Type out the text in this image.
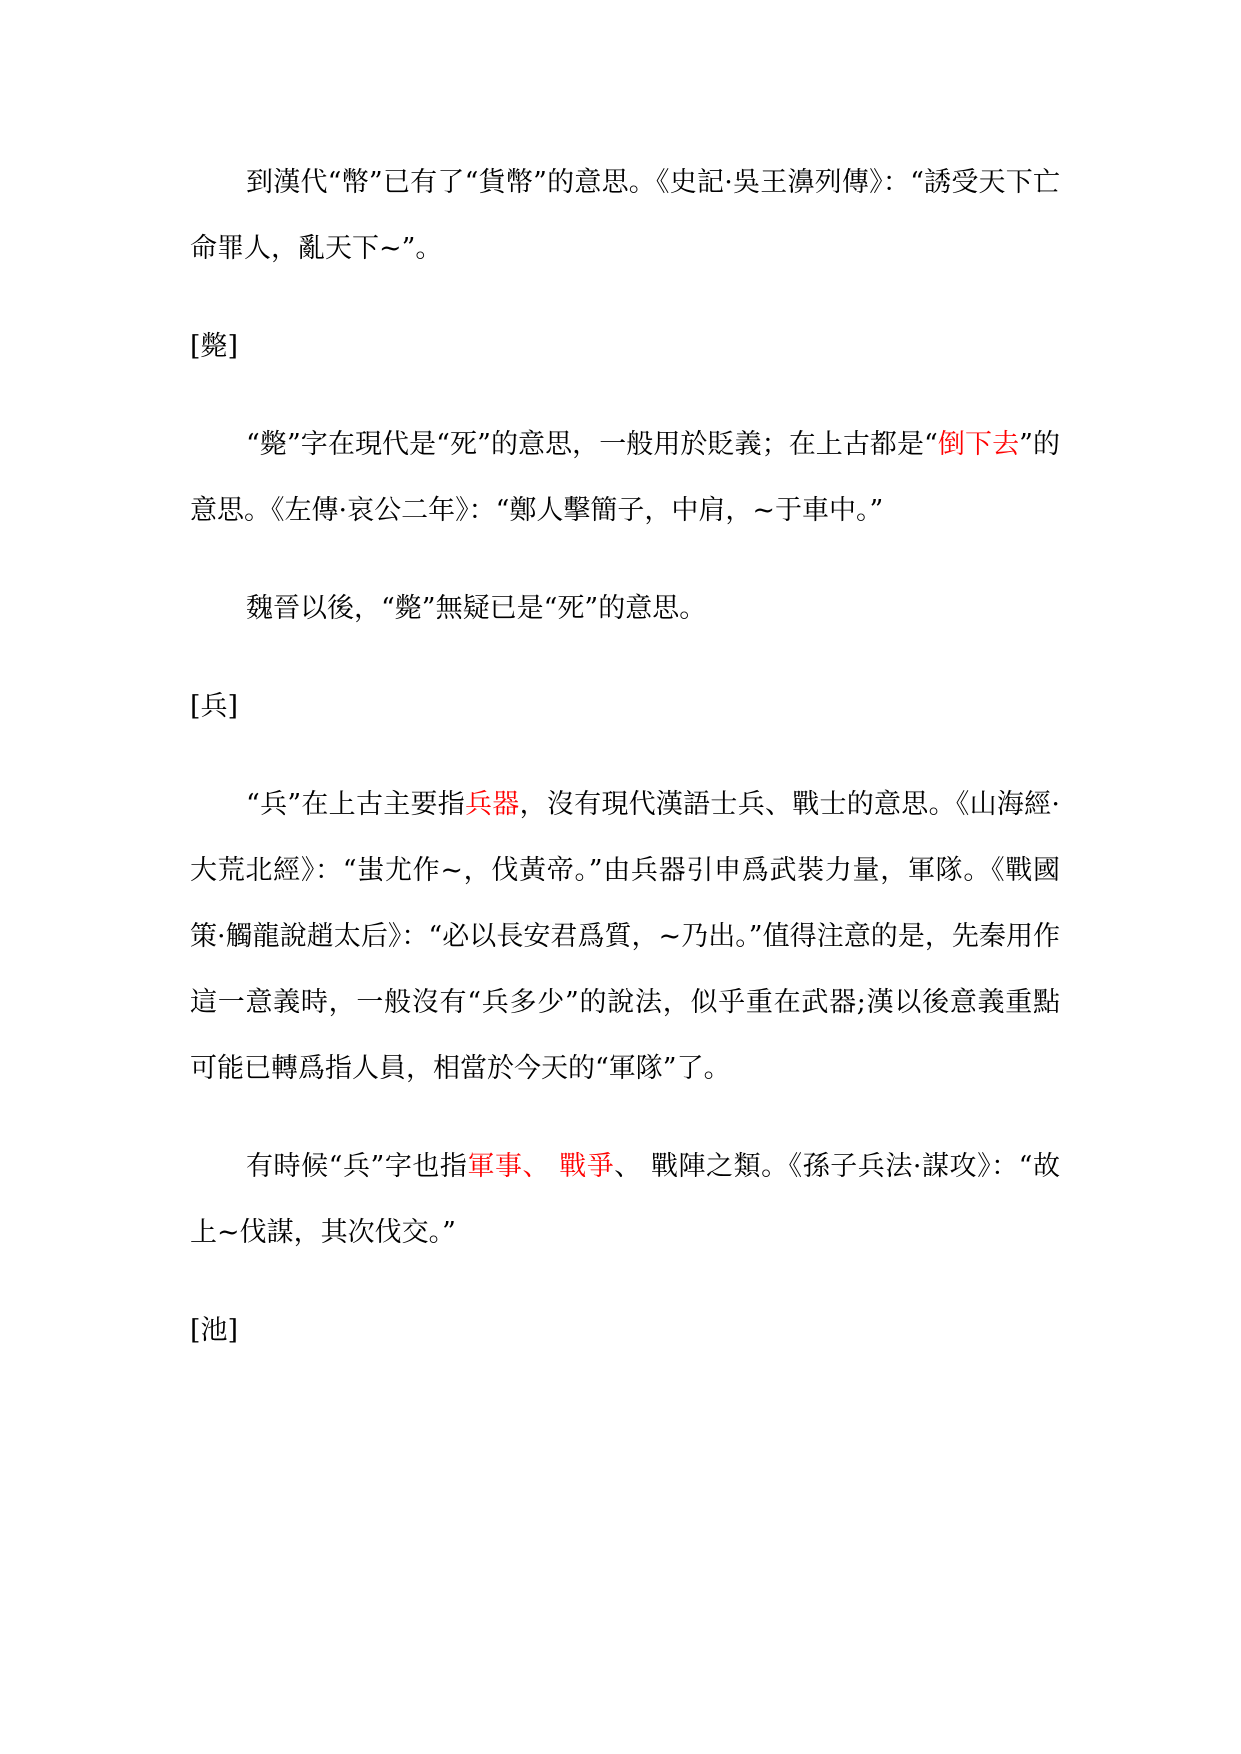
到漢代“幣”已有了“貨幣”的意思。《史記·吳王濞列傳》：“誘受天下亡命罪人，亂天下~”。

[斃]

“斃”字在現代是“死”的意思，一般用於貶義；在上古都是“倒下去”的意思。《左傳·哀公二年》：“鄭人擊簡子，中肩，~于車中。”

魏晉以後，“斃”無疑已是“死”的意思。

[兵]

“兵”在上古主要指兵器，沒有現代漢語士兵、戰士的意思。《山海經·大荒北經》：“蚩尤作~，伐黃帝。”由兵器引申爲武裝力量，軍隊。《戰國策·觸龍說趙太后》：“必以長安君爲質，~乃出。”值得注意的是，先秦用作這一意義時，一般沒有“兵多少”的說法，似乎重在武器;漢以後意義重點可能已轉爲指人員，相當於今天的“軍隊”了。

有時候“兵”字也指軍事、 戰爭、 戰陣之類。《孫子兵法·謀攻》：“故上~伐謀，其次伐交。”

[池]
